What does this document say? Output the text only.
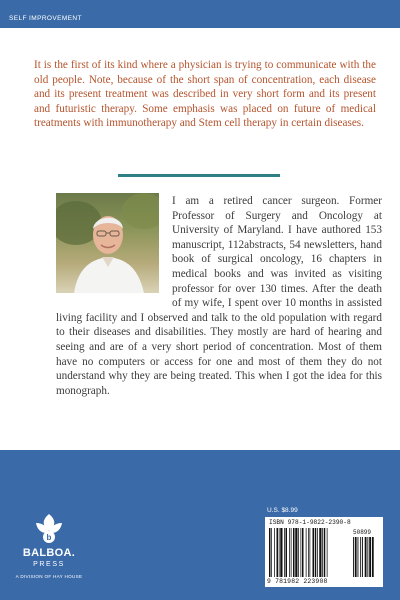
SELF IMPROVEMENT
It is the first of its kind where a physician is trying to communicate with the old people. Note, because of the short span of concentration, each disease and its present treatment was described in very short form and its present and futuristic therapy. Some emphasis was placed on future of medical treatments with immunotherapy and Stem cell therapy in certain diseases.
I am a retired cancer surgeon. Former Professor of Surgery and Oncology at University of Maryland. I have authored 153 manuscript, 112abstracts, 54 newsletters, hand book of surgical oncology, 16 chapters in medical books and was invited as visiting professor for over 130 times. After the death of my wife, I spent over 10 months in assisted living facility and I observed and talk to the old population with regard to their diseases and disabilities. They mostly are hard of hearing and seeing and are of a very short period of concentration. Most of them have no computers or access for one and most of them they do not understand why they are being treated. This when I got the idea for this monograph.
b
BALBOA.
PRESS
A DIVISION OF HAY HOUSE
U.S. $8.99
ISBN 978-1-9822-2390-8
50899
9 781982 223908
